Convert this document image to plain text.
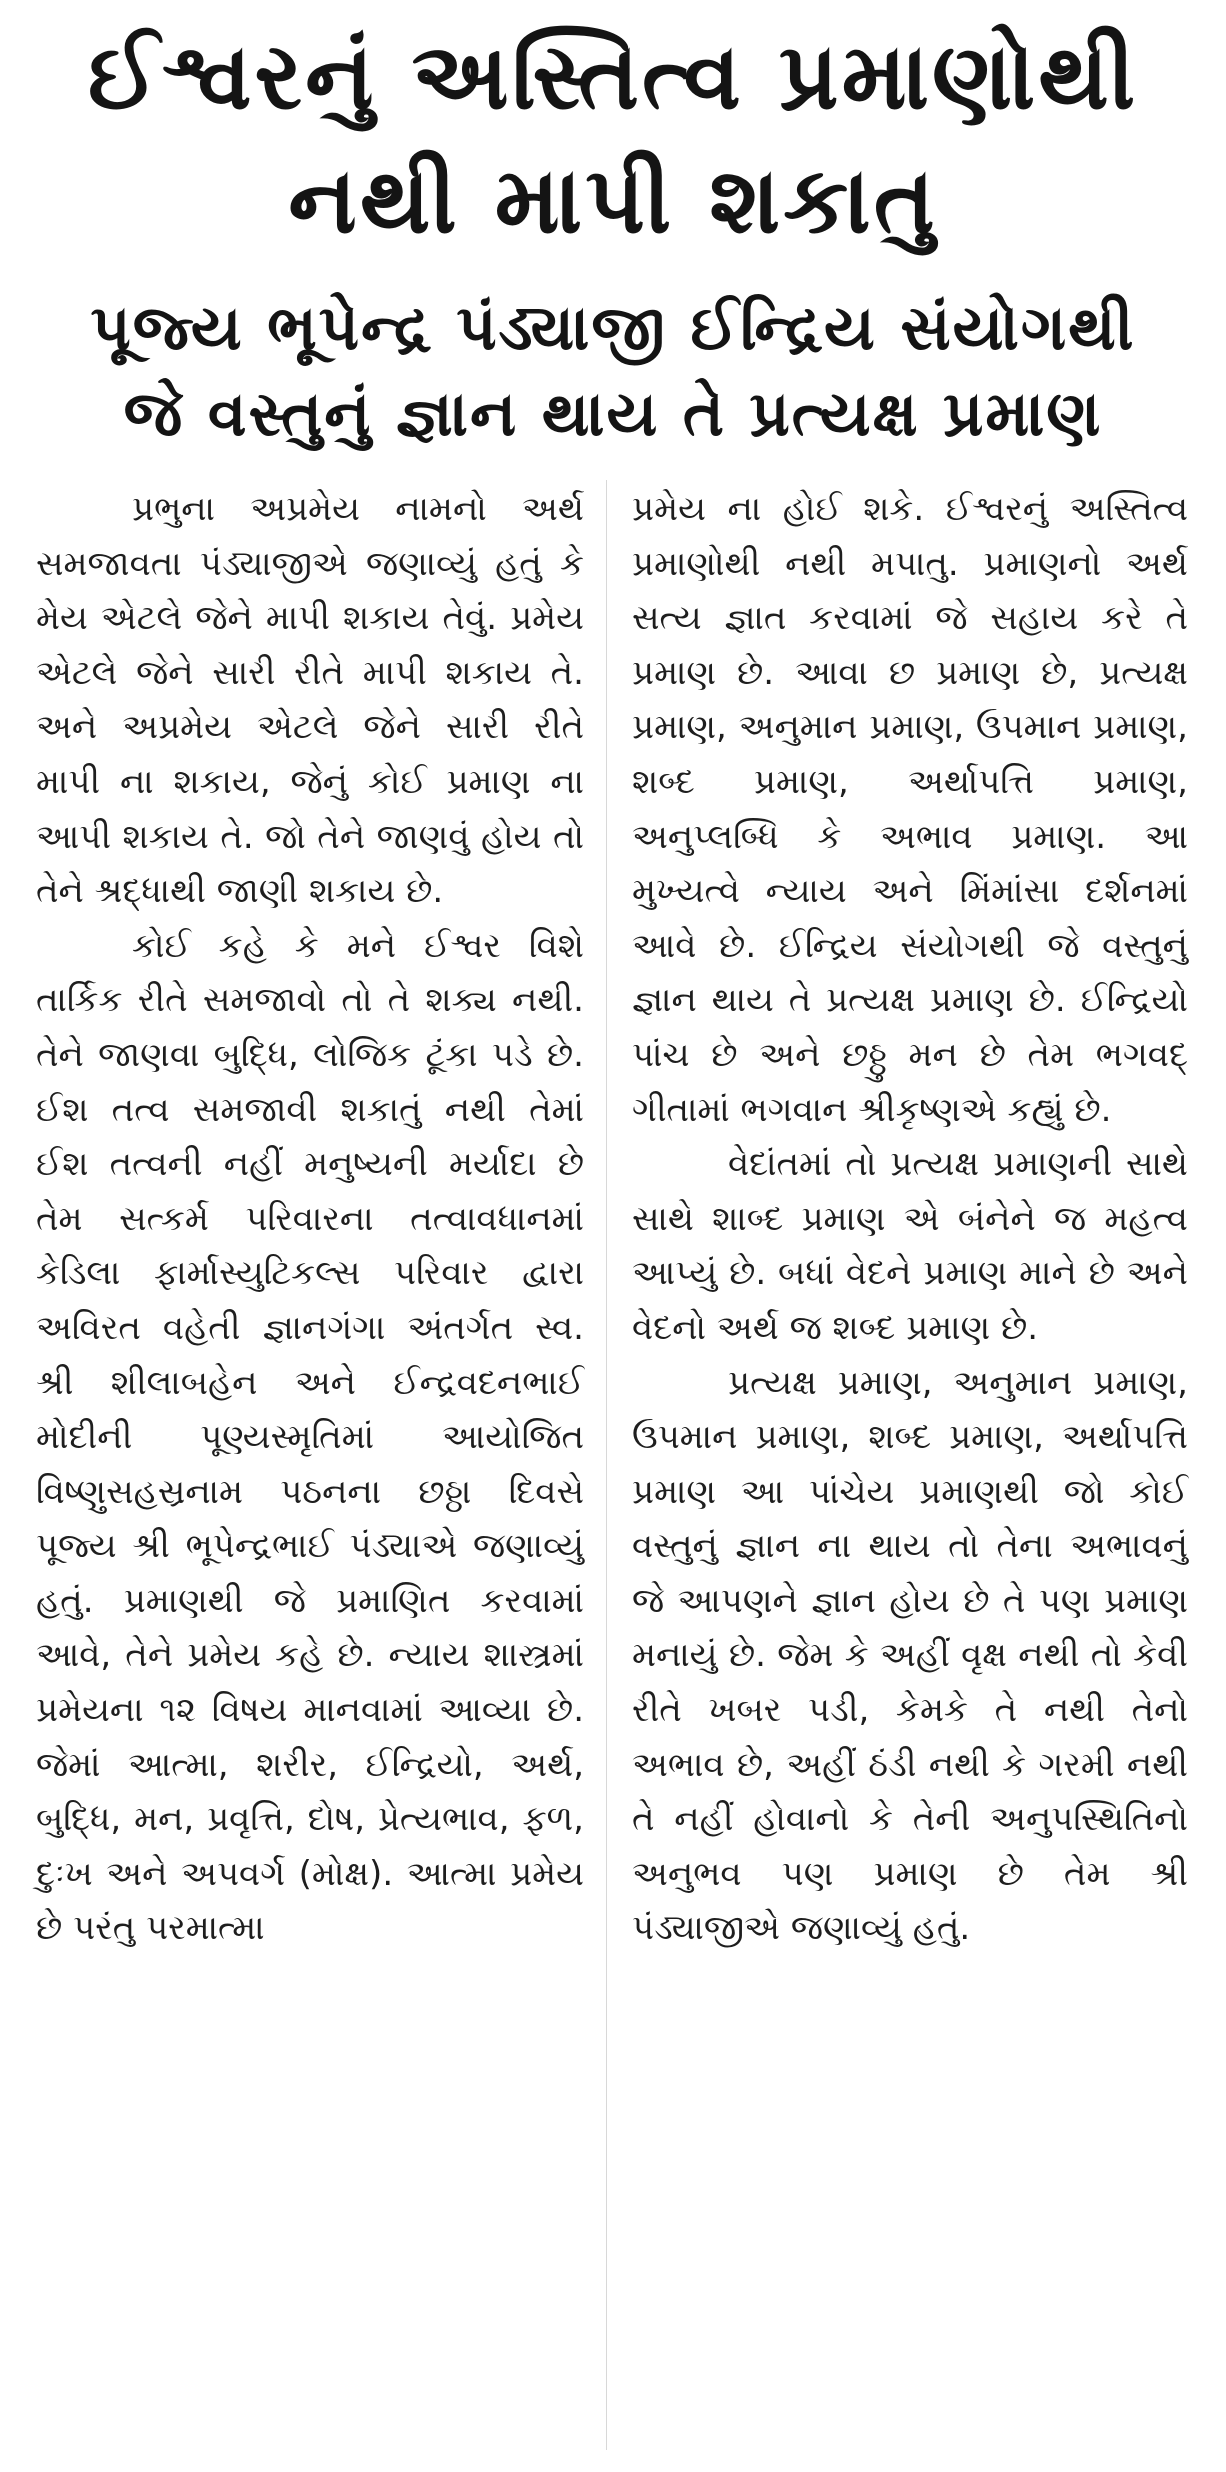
ઈશ્વરનું અસ્તિત્વ પ્રમાણોથી
નથી માપી શકાતુ
પૂજ્ય ભૂપેન્દ્ર પંડ્યાજી ઈન્દ્રિય સંયોગથી
જે વસ્તુનું જ્ઞાન થાય તે પ્રત્યક્ષ પ્રમાણ

પ્રભુના અપ્રમેય નામનો અર્થ સમજાવતા પંડ્યાજીએ જણાવ્યું હતું કે મેય એટલે જેને માપી શકાય તેવું. પ્રમેય એટલે જેને સારી રીતે માપી શકાય તે. અને અપ્રમેય એટલે જેને સારી રીતે માપી ના શકાય, જેનું કોઈ પ્રમાણ ના આપી શકાય તે. જો તેને જાણવું હોય તો તેને શ્રદ્ધાથી જાણી શકાય છે.

કોઈ કહે કે મને ઈશ્વર વિશે તાર્કિક રીતે સમજાવો તો તે શક્ય નથી. તેને જાણવા બુદ્ધિ, લોજિક ટૂંકા પડે છે. ઈશ તત્વ સમજાવી શકાતું નથી તેમાં ઈશ તત્વની નહીં મનુષ્યની મર્યાદા છે તેમ સત્કર્મ પરિવારના તત્વાવધાનમાં કેડિલા ફાર્માસ્યુટિકલ્સ પરિવાર દ્વારા અવિરત વહેતી જ્ઞાનગંગા અંતર્ગત સ્વ. શ્રી શીલાબહેન અને ઈન્દ્રવદનભાઈ મોદીની પૂણ્યસ્મૃતિમાં આયોજિત વિષ્ણુસહસ્રનામ પઠનના છઠ્ઠા દિવસે પૂજ્ય શ્રી ભૂપેન્દ્રભાઈ પંડ્યાએ જણાવ્યું હતું. પ્રમાણથી જે પ્રમાણિત કરવામાં આવે, તેને પ્રમેય કહે છે. ન્યાય શાસ્ત્રમાં પ્રમેયના ૧૨ વિષય માનવામાં આવ્યા છે. જેમાં આત્મા, શરીર, ઈન્દ્રિયો, અર્થ, બુદ્ધિ, મન, પ્રવૃત્તિ, દોષ, પ્રેત્યભાવ, ફળ, દુઃખ અને અપવર્ગ (મોક્ષ). આત્મા પ્રમેય છે પરંતુ પરમાત્મા

પ્રમેય ના હોઈ શકે. ઈશ્વરનું અસ્તિત્વ પ્રમાણોથી નથી મપાતુ. પ્રમાણનો અર્થ સત્ય જ્ઞાત કરવામાં જે સહાય કરે તે પ્રમાણ છે. આવા છ પ્રમાણ છે, પ્રત્યક્ષ પ્રમાણ, અનુમાન પ્રમાણ, ઉપમાન પ્રમાણ, શબ્દ પ્રમાણ, અર્થાપત્તિ પ્રમાણ, અનુપ્લબ્ધિ કે અભાવ પ્રમાણ. આ મુખ્યત્વે ન્યાય અને મિંમાંસા દર્શનમાં આવે છે. ઈન્દ્રિય સંયોગથી જે વસ્તુનું જ્ઞાન થાય તે પ્રત્યક્ષ પ્રમાણ છે. ઈન્દ્રિયો પાંચ છે અને છઠ્ઠુ મન છે તેમ ભગવદ્ ગીતામાં ભગવાન શ્રીકૃષ્ણએ કહ્યું છે.

વેદાંતમાં તો પ્રત્યક્ષ પ્રમાણની સાથે સાથે શાબ્દ પ્રમાણ એ બંનેને જ મહત્વ આપ્યું છે. બધાં વેદને પ્રમાણ માને છે અને વેદનો અર્થ જ શબ્દ પ્રમાણ છે.

પ્રત્યક્ષ પ્રમાણ, અનુમાન પ્રમાણ, ઉપમાન પ્રમાણ, શબ્દ પ્રમાણ, અર્થાપત્તિ પ્રમાણ આ પાંચેય પ્રમાણથી જો કોઈ વસ્તુનું જ્ઞાન ના થાય તો તેના અભાવનું જે આપણને જ્ઞાન હોય છે તે પણ પ્રમાણ મનાયું છે. જેમ કે અહીં વૃક્ષ નથી તો કેવી રીતે ખબર પડી, કેમકે તે નથી તેનો અભાવ છે, અહીં ઠંડી નથી કે ગરમી નથી તે નહીં હોવાનો કે તેની અનુપસ્થિતિનો અનુભવ પણ પ્રમાણ છે તેમ શ્રી પંડ્યાજીએ જણાવ્યું હતું.
